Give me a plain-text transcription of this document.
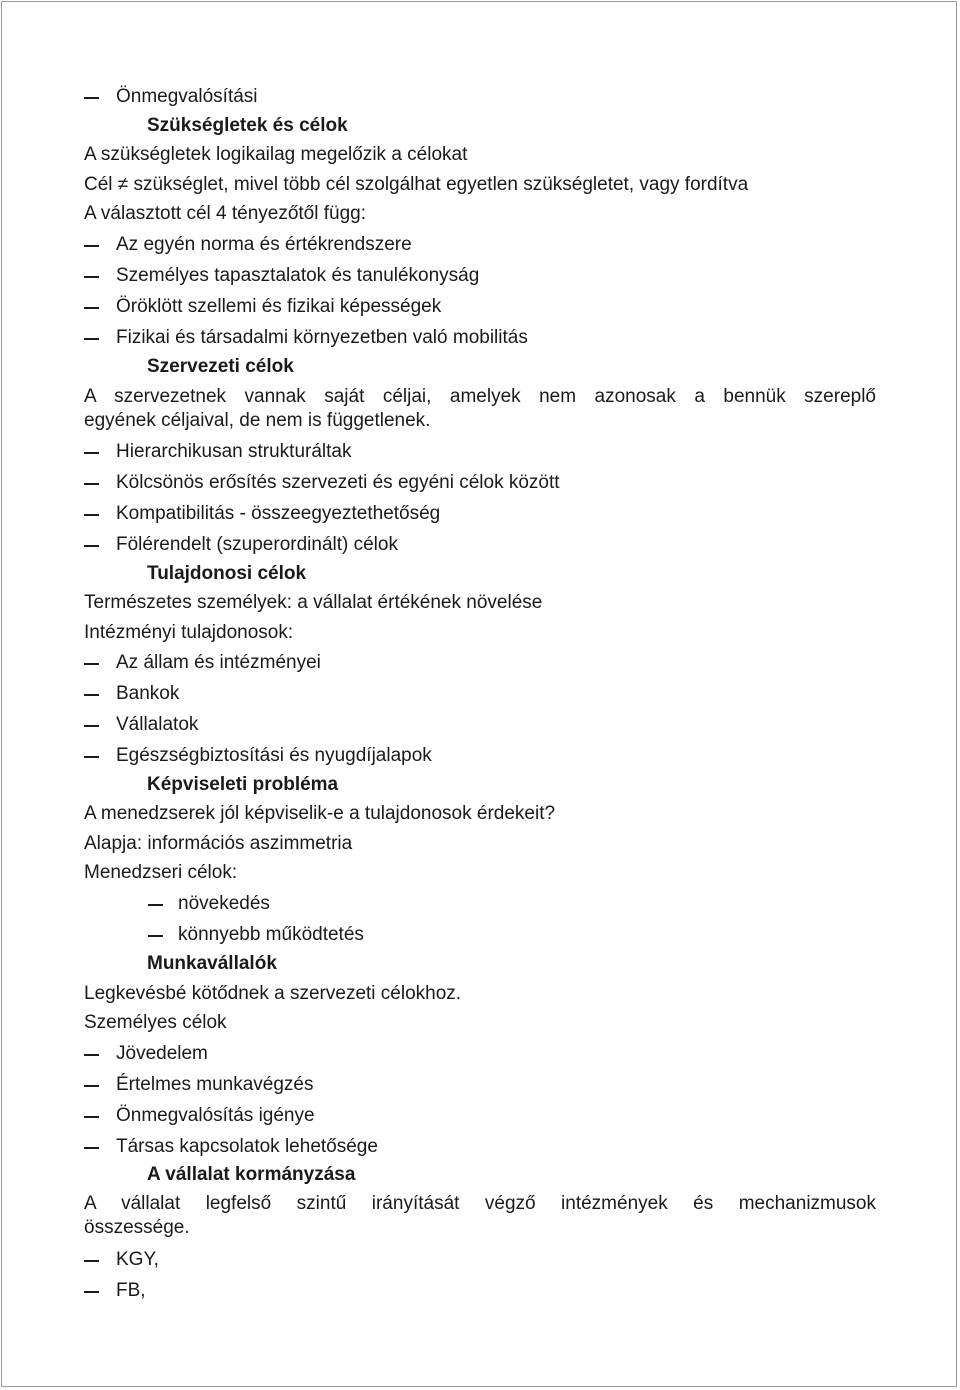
Önmegvalósítási
Szükségletek és célok
A szükségletek logikailag megelőzik a célokat
Cél ≠ szükséglet, mivel több cél szolgálhat egyetlen szükségletet, vagy fordítva
A választott cél 4 tényezőtől függ:
Az egyén norma és értékrendszere
Személyes tapasztalatok és tanulékonyság
Öröklött szellemi és fizikai képességek
Fizikai és társadalmi környezetben való mobilitás
Szervezeti célok
A szervezetnek vannak saját céljai, amelyek nem azonosak a bennük szereplő
egyének céljaival, de nem is függetlenek.
Hierarchikusan strukturáltak
Kölcsönös erősítés szervezeti és egyéni célok között
Kompatibilitás - összeegyeztethetőség
Fölérendelt (szuperordinált) célok
Tulajdonosi célok
Természetes személyek: a vállalat értékének növelése
Intézményi tulajdonosok:
Az állam és intézményei
Bankok
Vállalatok
Egészségbiztosítási és nyugdíjalapok
Képviseleti probléma
A menedzserek jól képviselik-e a tulajdonosok érdekeit?
Alapja: információs aszimmetria
Menedzseri célok:
növekedés
könnyebb működtetés
Munkavállalók
Legkevésbé kötődnek a szervezeti célokhoz.
Személyes célok
Jövedelem
Értelmes munkavégzés
Önmegvalósítás igénye
Társas kapcsolatok lehetősége
A vállalat kormányzása
A vállalat legfelső szintű irányítását végző intézmények és mechanizmusok
összessége.
KGY,
FB,
